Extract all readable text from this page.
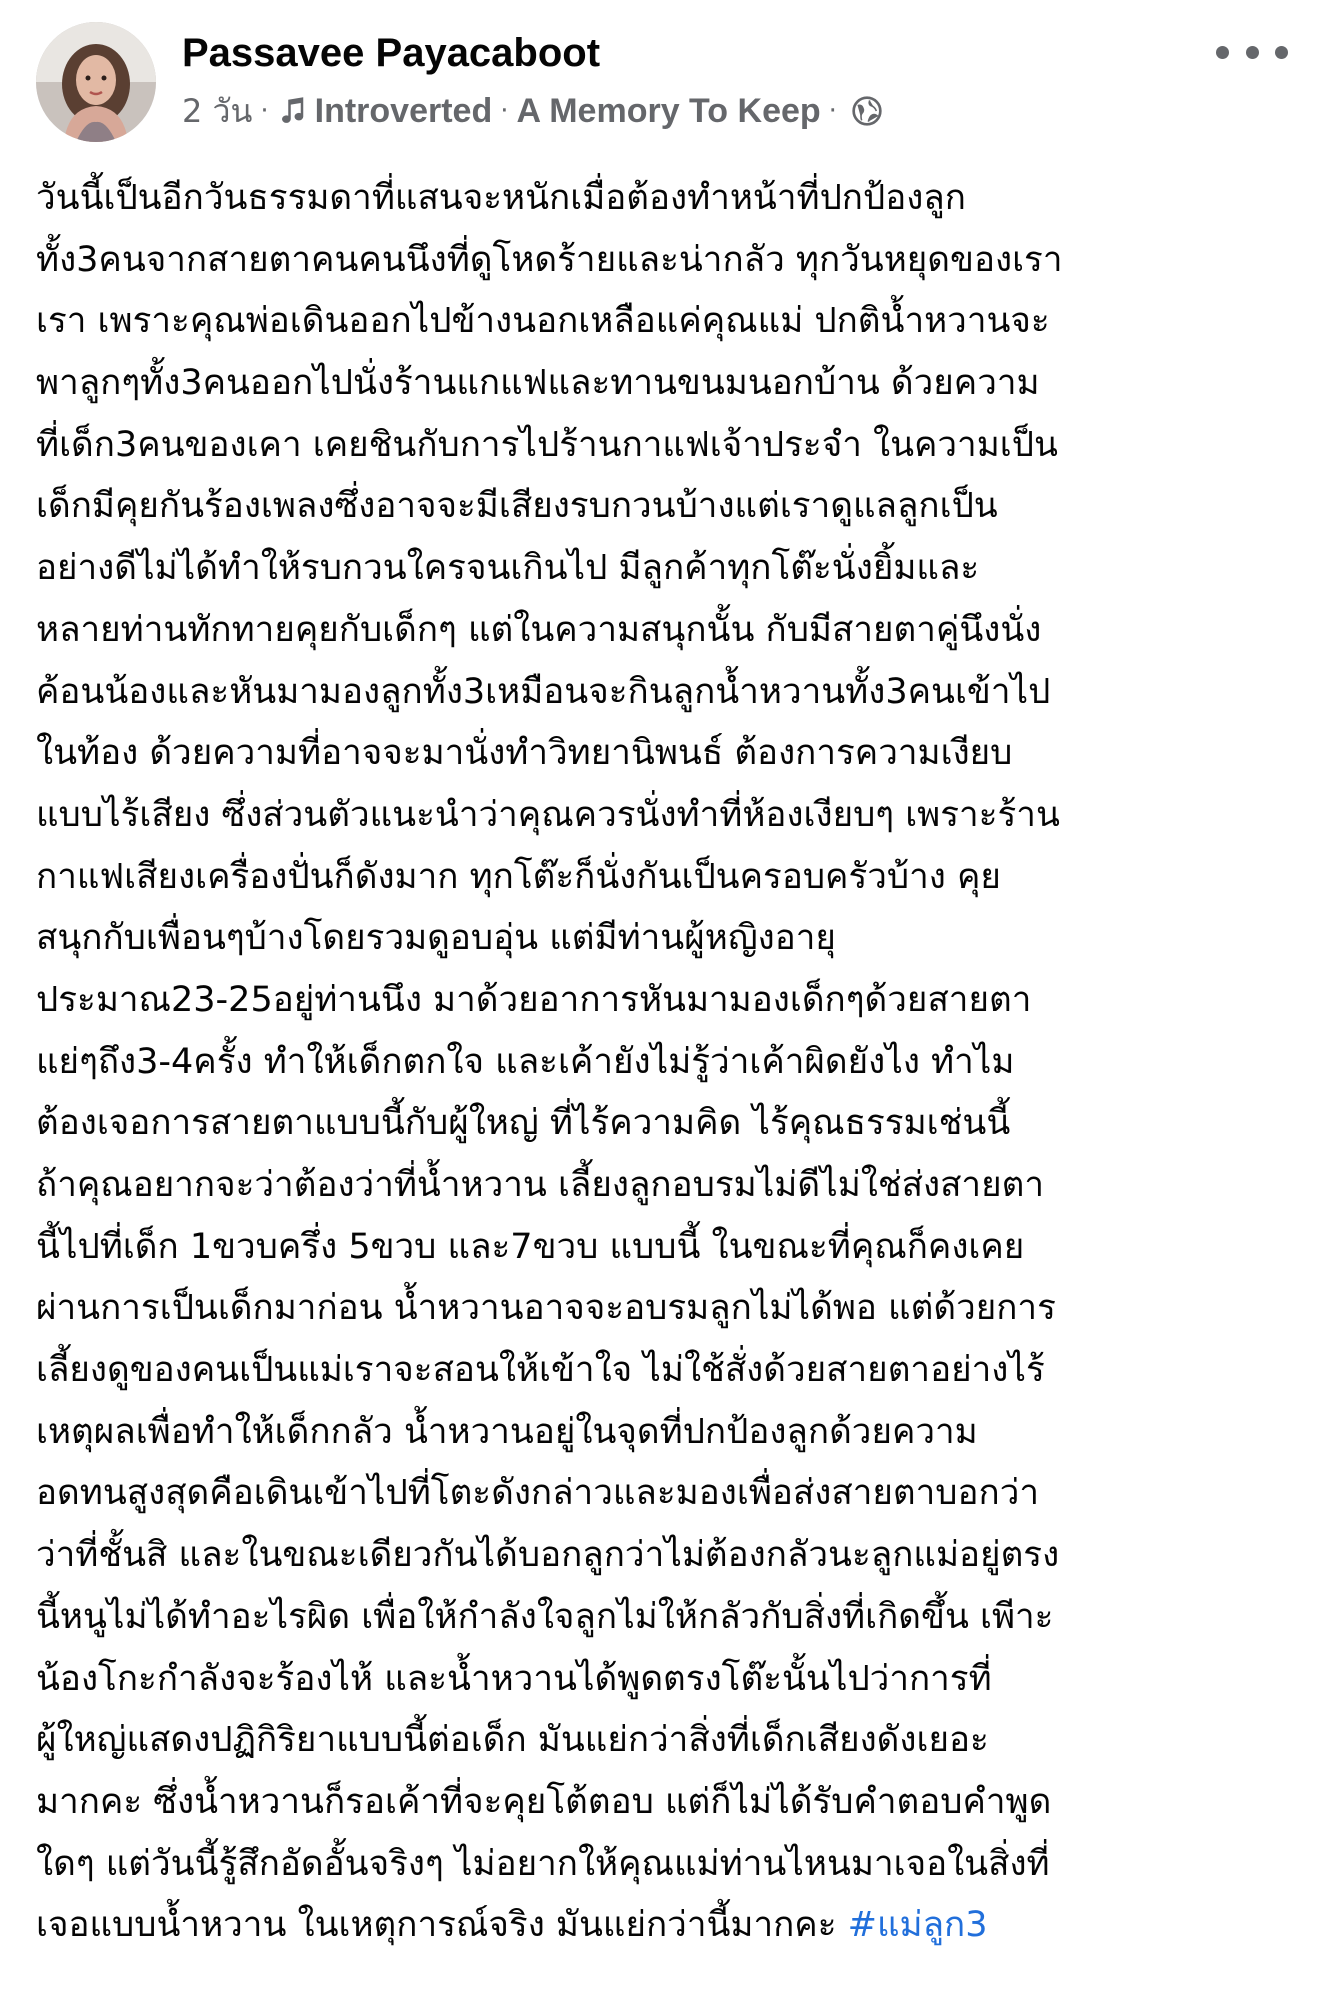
Passavee Payacaboot
2 วัน · Introverted · A Memory To Keep ·
วันนี้เป็นอีกวันธรรมดาที่แสนจะหนักเมื่อต้องทำหน้าที่ปกป้องลูก
ทั้ง3คนจากสายตาคนคนนึงที่ดูโหดร้ายและน่ากลัว ทุกวันหยุดของเรา
เรา เพราะคุณพ่อเดินออกไปข้างนอกเหลือแค่คุณแม่ ปกติน้ำหวานจะ
พาลูกๆทั้ง3คนออกไปนั่งร้านแกแฟและทานขนมนอกบ้าน ด้วยความ
ที่เด็ก3คนของเคา เคยชินกับการไปร้านกาแฟเจ้าประจำ ในความเป็น
เด็กมีคุยกันร้องเพลงซึ่งอาจจะมีเสียงรบกวนบ้างแต่เราดูแลลูกเป็น
อย่างดีไม่ได้ทำให้รบกวนใครจนเกินไป มีลูกค้าทุกโต๊ะนั่งยิ้มและ
หลายท่านทักทายคุยกับเด็กๆ แต่ในความสนุกนั้น กับมีสายตาคู่นึงนั่ง
ค้อนน้องและหันมามองลูกทั้ง3เหมือนจะกินลูกน้ำหวานทั้ง3คนเข้าไป
ในท้อง ด้วยความที่อาจจะมานั่งทำวิทยานิพนธ์ ต้องการความเงียบ
แบบไร้เสียง ซึ่งส่วนตัวแนะนำว่าคุณควรนั่งทำที่ห้องเงียบๆ เพราะร้าน
กาแฟเสียงเครื่องปั่นก็ดังมาก ทุกโต๊ะก็นั่งกันเป็นครอบครัวบ้าง คุย
สนุกกับเพื่อนๆบ้างโดยรวมดูอบอุ่น แต่มีท่านผู้หญิงอายุ
ประมาณ23-25อยู่ท่านนึง มาด้วยอาการหันมามองเด็กๆด้วยสายตา
แย่ๆถึง3-4ครั้ง ทำให้เด็กตกใจ และเค้ายังไม่รู้ว่าเค้าผิดยังไง ทำไม
ต้องเจอการสายตาแบบนี้กับผู้ใหญ่ ที่ไร้ความคิด ไร้คุณธรรมเช่นนี้
ถ้าคุณอยากจะว่าต้องว่าที่น้ำหวาน เลี้ยงลูกอบรมไม่ดีไม่ใช่ส่งสายตา
นี้ไปที่เด็ก 1ขวบครึ่ง 5ขวบ และ7ขวบ แบบนี้ ในขณะที่คุณก็คงเคย
ผ่านการเป็นเด็กมาก่อน น้ำหวานอาจจะอบรมลูกไม่ได้พอ แต่ด้วยการ
เลี้ยงดูของคนเป็นแม่เราจะสอนให้เข้าใจ ไม่ใช้สั่งด้วยสายตาอย่างไร้
เหตุผลเพื่อทำให้เด็กกลัว น้ำหวานอยู่ในจุดที่ปกป้องลูกด้วยความ
อดทนสูงสุดคือเดินเข้าไปที่โตะดังกล่าวและมองเพื่อส่งสายตาบอกว่า
ว่าที่ชั้นสิ และในขณะเดียวกันได้บอกลูกว่าไม่ต้องกลัวนะลูกแม่อยู่ตรง
นี้หนูไม่ได้ทำอะไรผิด เพื่อให้กำลังใจลูกไม่ให้กลัวกับสิ่งที่เกิดขึ้น เพีาะ
น้องโกะกำลังจะร้องไห้ และน้ำหวานได้พูดตรงโต๊ะนั้นไปว่าการที่
ผู้ใหญ่แสดงปฏิกิริยาแบบนี้ต่อเด็ก มันแย่กว่าสิ่งที่เด็กเสียงดังเยอะ
มากคะ ซึ่งน้ำหวานก็รอเค้าที่จะคุยโต้ตอบ แต่ก็ไม่ได้รับคำตอบคำพูด
ใดๆ แต่วันนี้รู้สึกอัดอั้นจริงๆ ไม่อยากให้คุณแม่ท่านไหนมาเจอในสิ่งที่
เจอแบบน้ำหวาน ในเหตุการณ์จริง มันแย่กว่านี้มากคะ #แม่ลูก3
